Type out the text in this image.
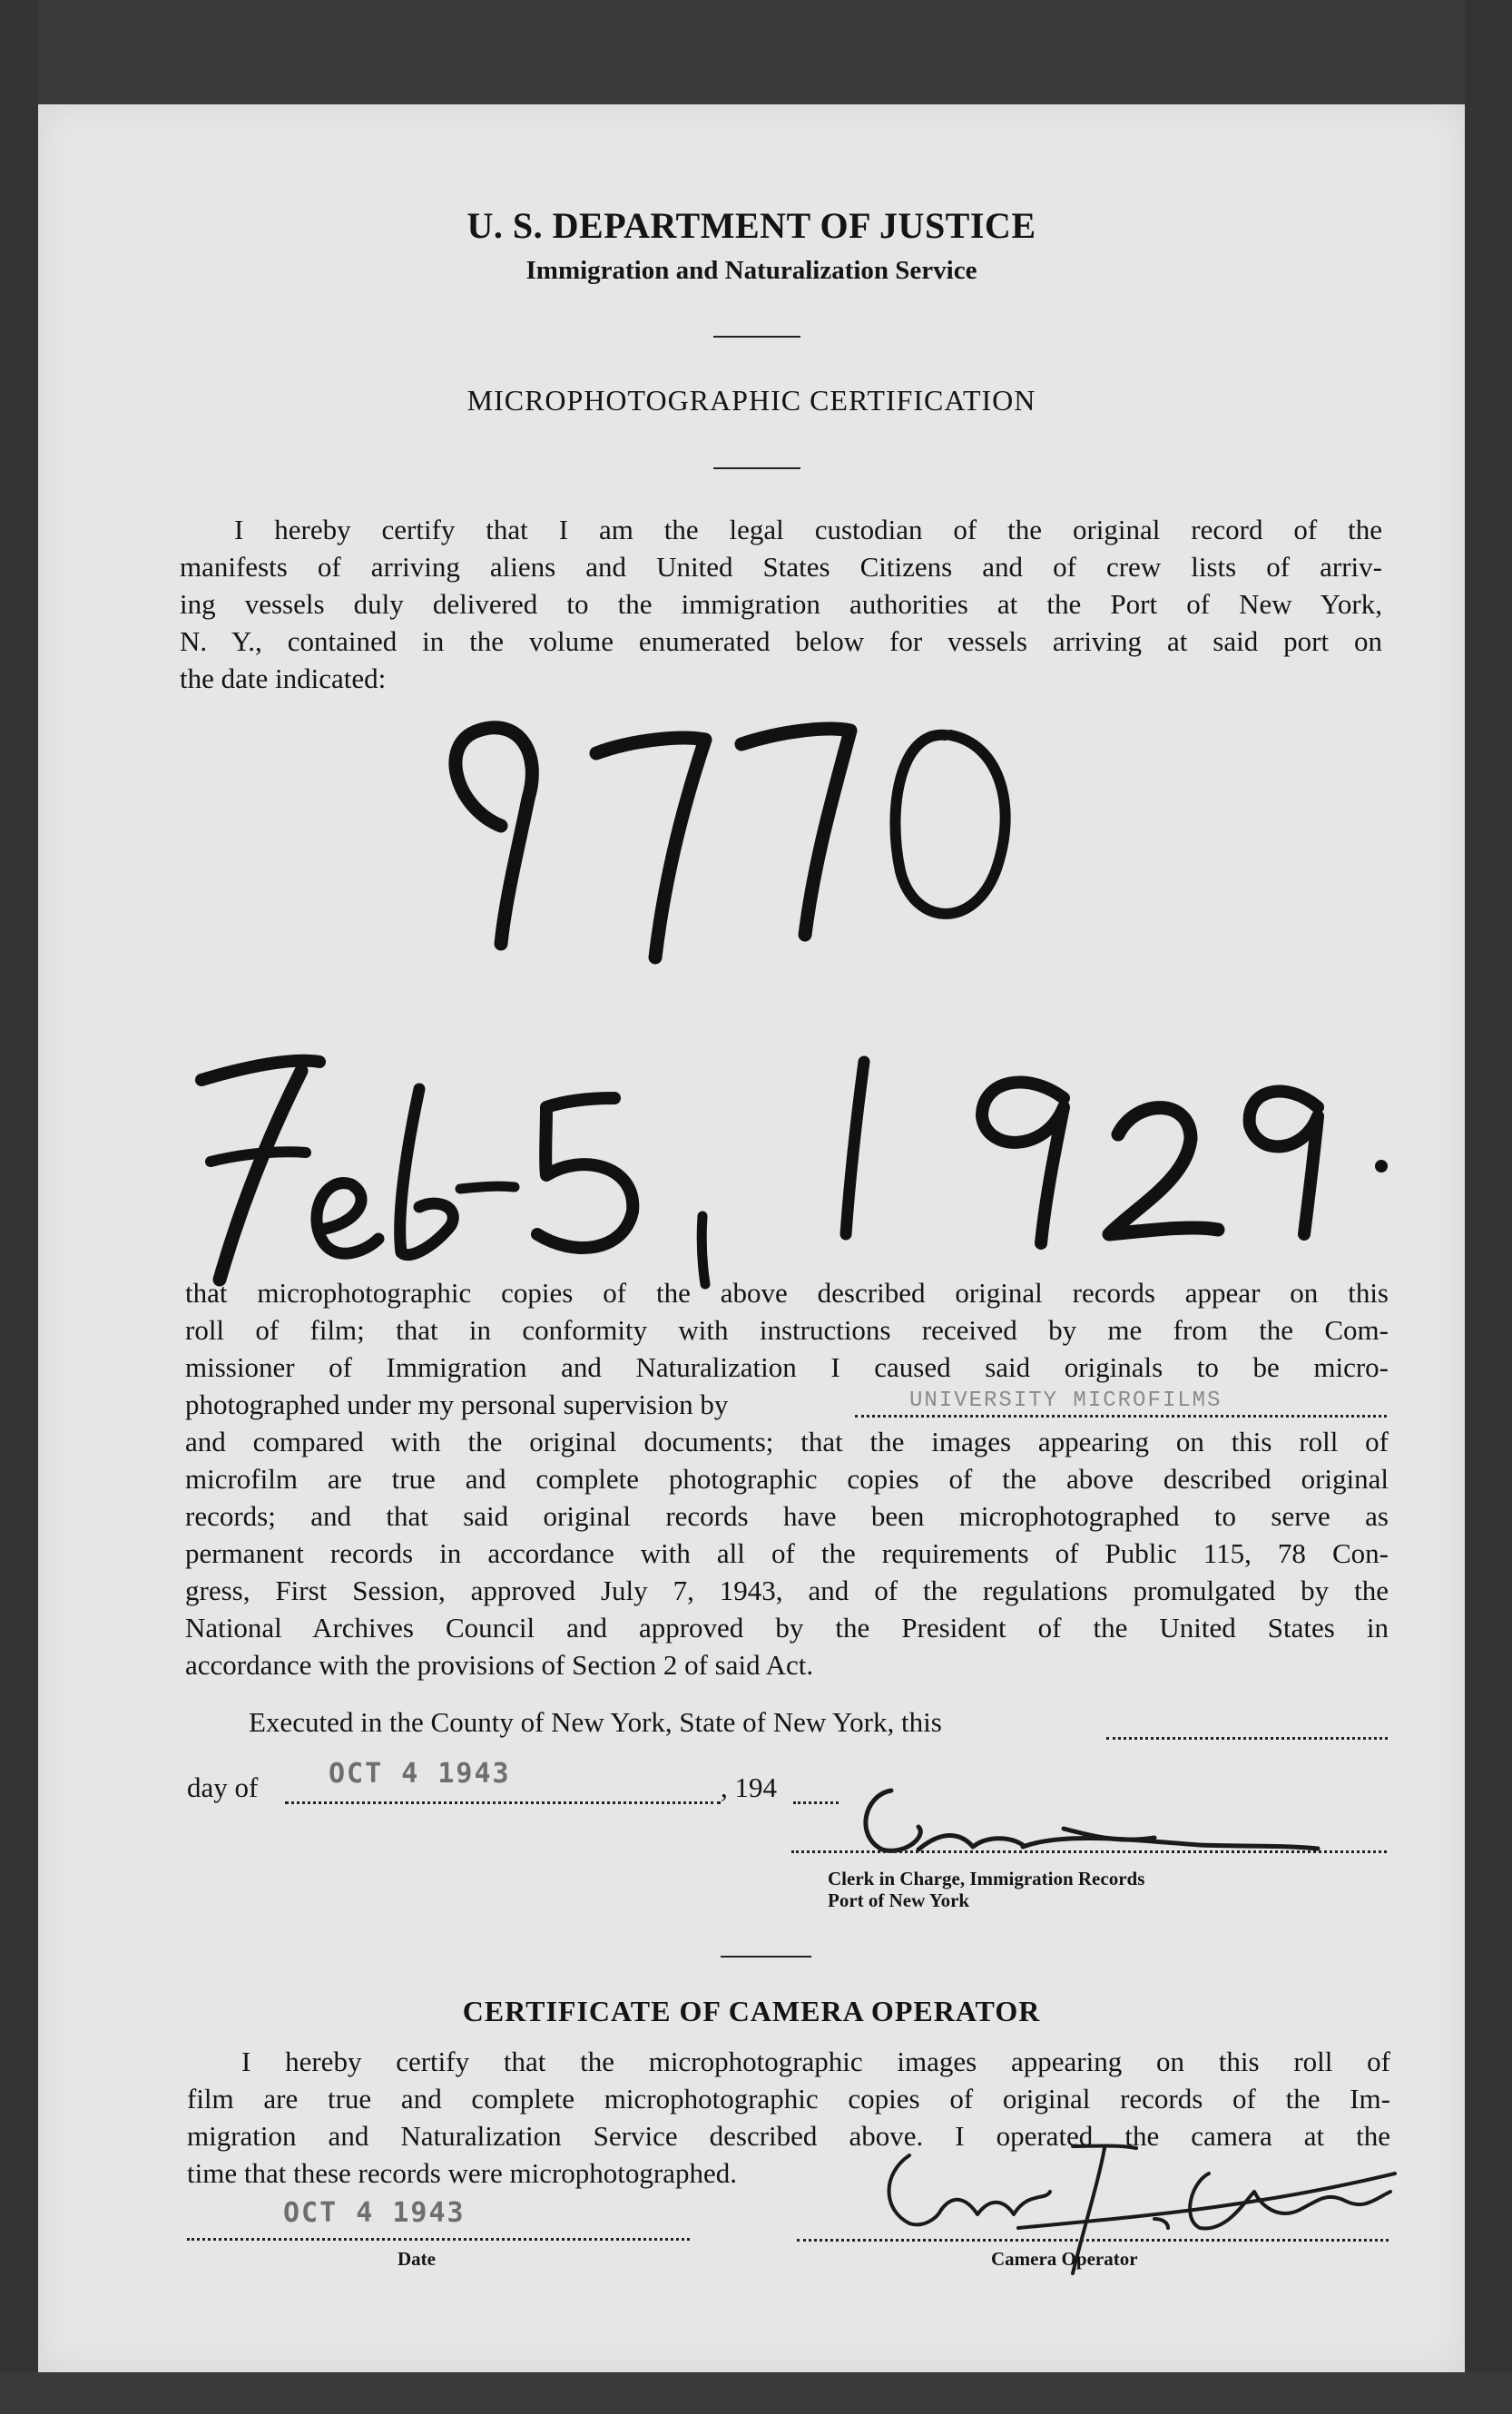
U. S. DEPARTMENT OF JUSTICE
Immigration and Naturalization Service
MICROPHOTOGRAPHIC CERTIFICATION
I hereby certify that I am the legal custodian of the original record of the
manifests of arriving aliens and United States Citizens and of crew lists of arriv-
ing vessels duly delivered to the immigration authorities at the Port of New York,
N. Y., contained in the volume enumerated below for vessels arriving at said port on
the date indicated:
that microphotographic copies of the above described original records appear on this
roll of film; that in conformity with instructions received by me from the Com-
missioner of Immigration and Naturalization I caused said originals to be micro-
photographed under my personal supervision by	UNIVERSITY MICROFILMS
and compared with the original documents; that the images appearing on this roll of
microfilm are true and complete photographic copies of the above described original
records; and that said original records have been microphotographed to serve as
permanent records in accordance with all of the requirements of Public 115, 78 Con-
gress, First Session, approved July 7, 1943, and of the regulations promulgated by the
National Archives Council and approved by the President of the United States in
accordance with the provisions of Section 2 of said Act.
Executed in the County of New York, State of New York, this
day of	OCT 4 1943	, 194
Clerk in Charge, Immigration Records
Port of New York
CERTIFICATE OF CAMERA OPERATOR
I hereby certify that the microphotographic images appearing on this roll of
film are true and complete microphotographic copies of original records of the Im-
migration and Naturalization Service described above. I operated the camera at the
time that these records were microphotographed.
OCT 4 1943
Date	Camera Operator
